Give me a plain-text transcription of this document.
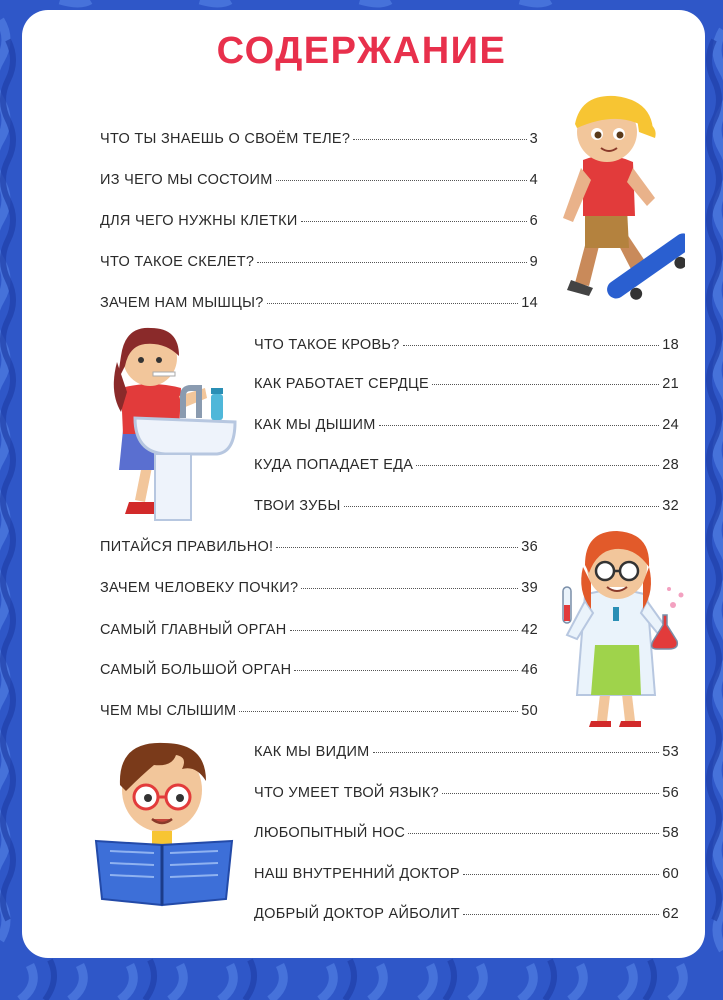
СОДЕРЖАНИЕ
ЧТО ТЫ ЗНАЕШЬ О СВОЁМ ТЕЛЕ?	3
ИЗ ЧЕГО МЫ СОСТОИМ	4
ДЛЯ ЧЕГО НУЖНЫ КЛЕТКИ	6
ЧТО ТАКОЕ СКЕЛЕТ?	9
ЗАЧЕМ НАМ МЫШЦЫ?	14
ЧТО ТАКОЕ КРОВЬ?	18
КАК РАБОТАЕТ СЕРДЦЕ	21
КАК МЫ ДЫШИМ	24
КУДА ПОПАДАЕТ ЕДА	28
ТВОИ ЗУБЫ	32
ПИТАЙСЯ ПРАВИЛЬНО!	36
ЗАЧЕМ ЧЕЛОВЕКУ ПОЧКИ?	39
САМЫЙ ГЛАВНЫЙ ОРГАН	42
САМЫЙ БОЛЬШОЙ ОРГАН	46
ЧЕМ МЫ СЛЫШИМ	50
КАК МЫ ВИДИМ	53
ЧТО УМЕЕТ ТВОЙ ЯЗЫК?	56
ЛЮБОПЫТНЫЙ НОС	58
НАШ ВНУТРЕННИЙ ДОКТОР	60
ДОБРЫЙ ДОКТОР АЙБОЛИТ	62
